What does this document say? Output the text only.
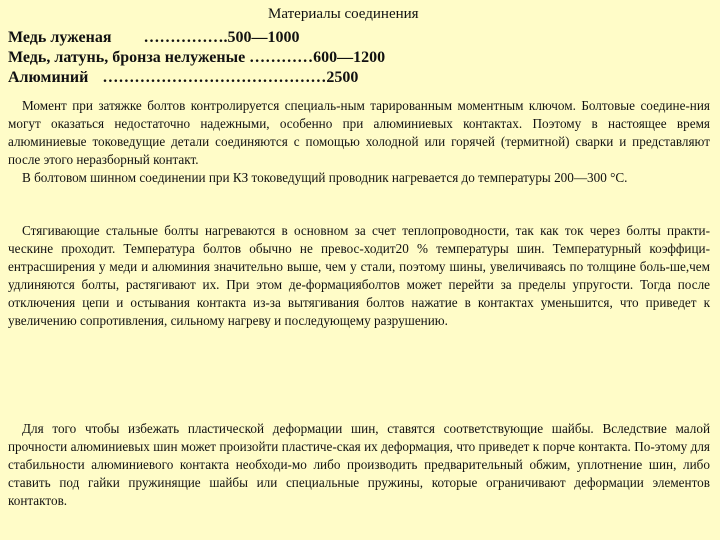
Материалы соединения
Медь луженая …………….500—1000
Медь, латунь, бронза нелуженые …………600—1200
Алюминий ……………………………………2500

Момент при затяжке болтов контролируется специаль-ным тарированным моментным ключом. Болтовые соедине-ния могут оказаться недостаточно надежными, особенно при алюминиевых контактах. Поэтому в настоящее время алюминиевые токоведущие детали соединяются с помощью холодной или горячей (термитной) сварки и представляют после этого неразборный контакт.

В болтовом шинном соединении при КЗ токоведущий проводник нагревается до температуры 200—300 °С.

Стягивающие стальные болты нагреваются в основном за счет теплопроводности, так как ток через болты практи-ческине проходит. Температура болтов обычно не превос-ходит20 % температуры шин. Температурный коэффици-ентрасширения у меди и алюминия значительно выше, чем у стали, поэтому шины, увеличиваясь по толщине боль-ше,чем удлиняются болты, растягивают их. При этом де-формацияболтов может перейти за пределы упругости. Тогда после отключения цепи и остывания контакта из-за вытягивания болтов нажатие в контактах уменьшится, что приведет к увеличению сопротивления, сильному нагреву и последующему разрушению.

Для того чтобы избежать пластической деформации шин, ставятся соответствующие шайбы. Вследствие малой прочности алюминиевых шин может произойти пластиче-ская их деформация, что приведет к порче контакта. По-этому для стабильности алюминиевого контакта необходи-мо либо производить предварительный обжим, уплотнение шин, либо ставить под гайки пружинящие шайбы или специальные пружины, которые ограничивают деформации элементов контактов.
